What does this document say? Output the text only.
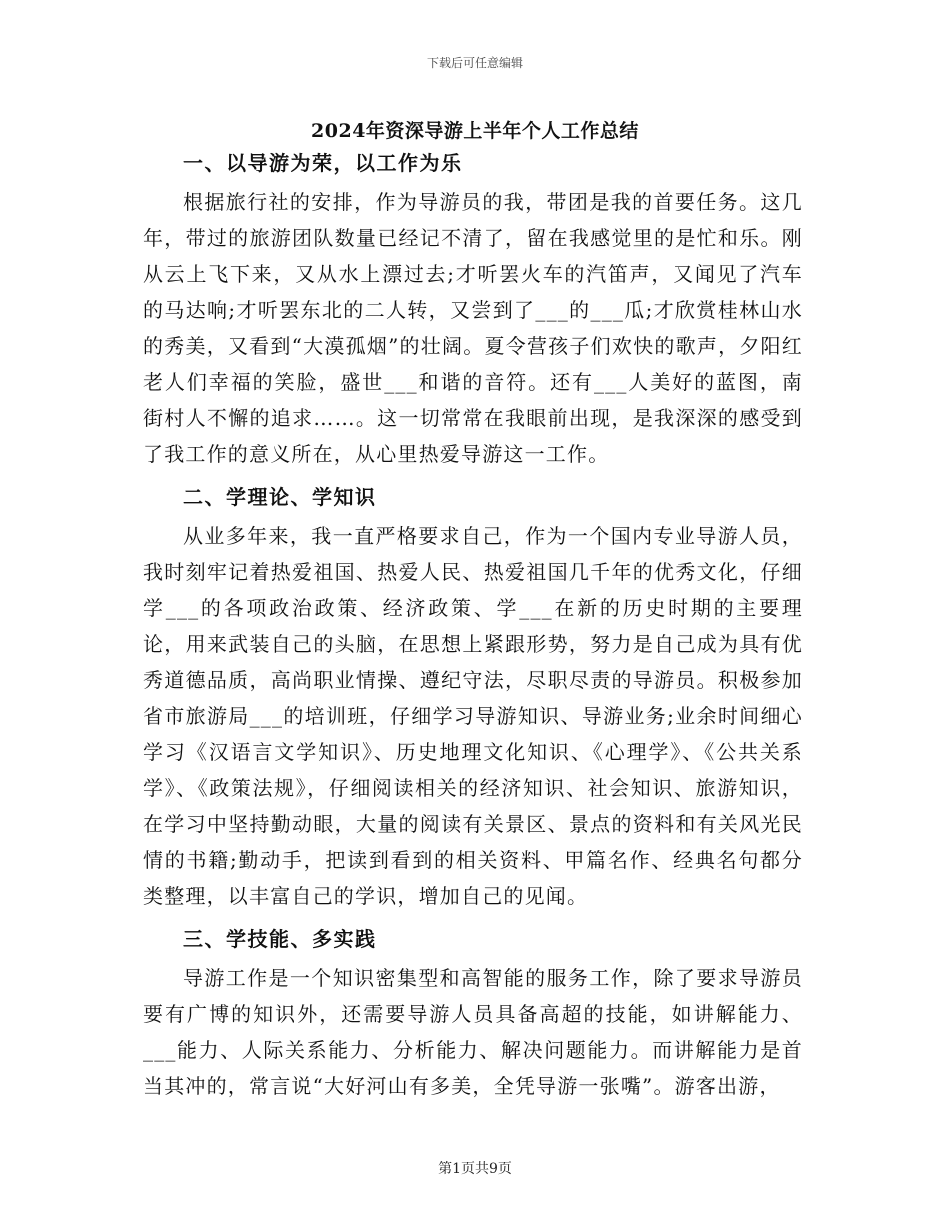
下载后可任意编辑
2024年资深导游上半年个人工作总结
一、以导游为荣，以工作为乐

根据旅行社的安排，作为导游员的我，带团是我的首要任务。这几年，带过的旅游团队数量已经记不清了，留在我感觉里的是忙和乐。刚从云上飞下来，又从水上漂过去;才听罢火车的汽笛声，又闻见了汽车的马达响;才听罢东北的二人转，又尝到了___的___瓜;才欣赏桂林山水的秀美，又看到“大漠孤烟”的壮阔。夏令营孩子们欢快的歌声，夕阳红老人们幸福的笑脸，盛世___和谐的音符。还有___人美好的蓝图，南街村人不懈的追求……。这一切常常在我眼前出现，是我深深的感受到了我工作的意义所在，从心里热爱导游这一工作。

二、学理论、学知识

从业多年来，我一直严格要求自己，作为一个国内专业导游人员，我时刻牢记着热爱祖国、热爱人民、热爱祖国几千年的优秀文化，仔细学___的各项政治政策、经济政策、学___在新的历史时期的主要理论，用来武装自己的头脑，在思想上紧跟形势，努力是自己成为具有优秀道德品质，高尚职业情操、遵纪守法，尽职尽责的导游员。积极参加省市旅游局___的培训班，仔细学习导游知识、导游业务;业余时间细心学习《汉语言文学知识》、历史地理文化知识、《心理学》、《公共关系学》、《政策法规》，仔细阅读相关的经济知识、社会知识、旅游知识，在学习中坚持勤动眼，大量的阅读有关景区、景点的资料和有关风光民情的书籍;勤动手，把读到看到的相关资料、甲篇名作、经典名句都分类整理，以丰富自己的学识，增加自己的见闻。

三、学技能、多实践

导游工作是一个知识密集型和高智能的服务工作，除了要求导游员要有广博的知识外，还需要导游人员具备高超的技能，如讲解能力、___能力、人际关系能力、分析能力、解决问题能力。而讲解能力是首当其冲的，常言说“大好河山有多美，全凭导游一张嘴”。游客出游，

第1页共9页
